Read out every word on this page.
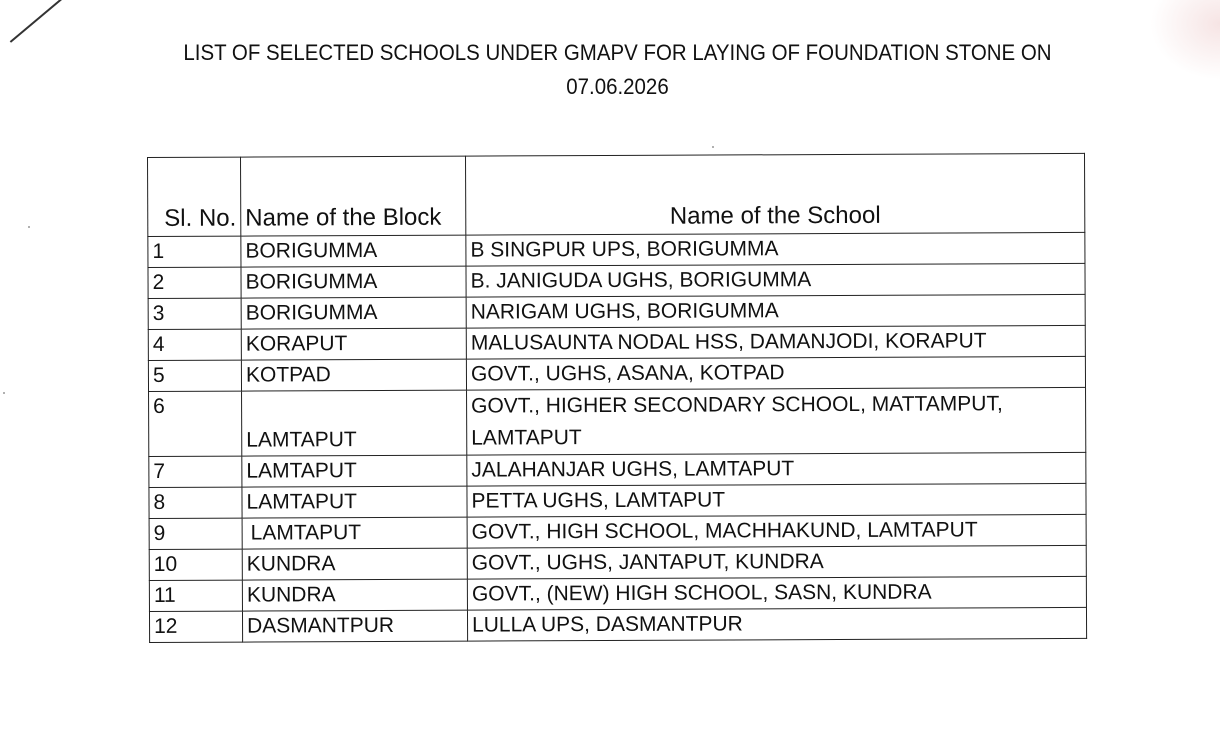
LIST OF SELECTED SCHOOLS UNDER GMAPV FOR LAYING OF FOUNDATION STONE ON
07.06.2026
Sl. No.	Name of the Block	Name of the School
1	BORIGUMMA	B SINGPUR UPS, BORIGUMMA
2	BORIGUMMA	B. JANIGUDA UGHS, BORIGUMMA
3	BORIGUMMA	NARIGAM UGHS, BORIGUMMA
4	KORAPUT	MALUSAUNTA NODAL HSS, DAMANJODI, KORAPUT
5	KOTPAD	GOVT., UGHS, ASANA, KOTPAD
6	LAMTAPUT	GOVT., HIGHER SECONDARY SCHOOL, MATTAMPUT, LAMTAPUT
7	LAMTAPUT	JALAHANJAR UGHS, LAMTAPUT
8	LAMTAPUT	PETTA UGHS, LAMTAPUT
9	LAMTAPUT	GOVT., HIGH SCHOOL, MACHHAKUND, LAMTAPUT
10	KUNDRA	GOVT., UGHS, JANTAPUT, KUNDRA
11	KUNDRA	GOVT., (NEW) HIGH SCHOOL, SASN, KUNDRA
12	DASMANTPUR	LULLA UPS, DASMANTPUR
